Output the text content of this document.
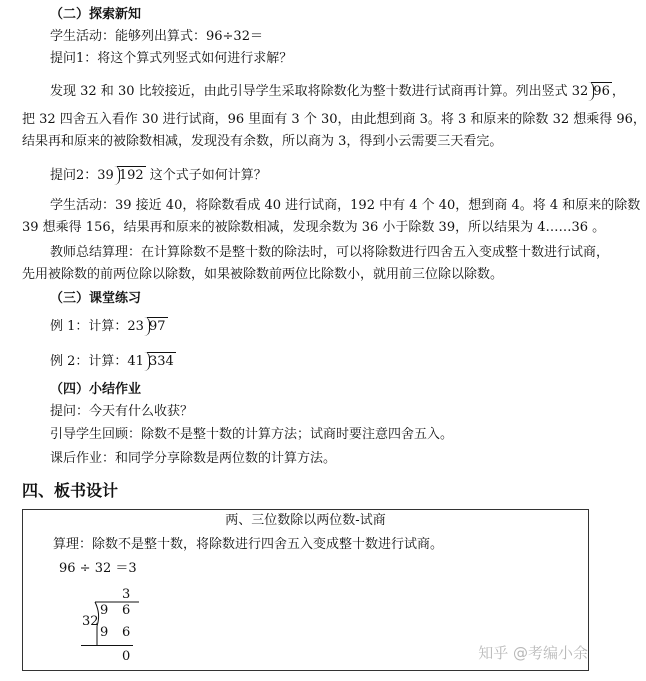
（二）探索新知
学生活动：能够列出算式：96÷32＝
提问1：将这个算式列竖式如何进行求解？
发现 32 和 30 比较接近，由此引导学生采取将除数化为整十数进行试商再计算。列出竖式 32 96 ，
把 32 四舍五入看作 30 进行试商，96 里面有 3 个 30，由此想到商 3。将 3 和原来的除数 32 想乘得 96，
结果再和原来的被除数相减，发现没有余数，所以商为 3，得到小云需要三天看完。
提问2：39 192 这个式子如何计算？
学生活动：39 接近 40，将除数看成 40 进行试商，192 中有 4 个 40，想到商 4。将 4 和原来的除数
39 想乘得 156，结果再和原来的被除数相减，发现余数为 36 小于除数 39，所以结果为 4……36 。
教师总结算理：在计算除数不是整十数的除法时，可以将除数进行四舍五入变成整十数进行试商，
先用被除数的前两位除以除数，如果被除数前两位比除数小，就用前三位除以除数。
（三）课堂练习
例 1：计算：23 97
例 2：计算：41 334
（四）小结作业
提问：今天有什么收获？
引导学生回顾：除数不是整十数的计算方法；试商时要注意四舍五入。
课后作业：和同学分享除数是两位数的计算方法。
四、板书设计
两、三位数除以两位数-试商
算理：除数不是整十数，将除数进行四舍五入变成整十数进行试商。
96 ÷ 32 ＝3
3
32
9 6
9 6
0	知乎 @考编小余
